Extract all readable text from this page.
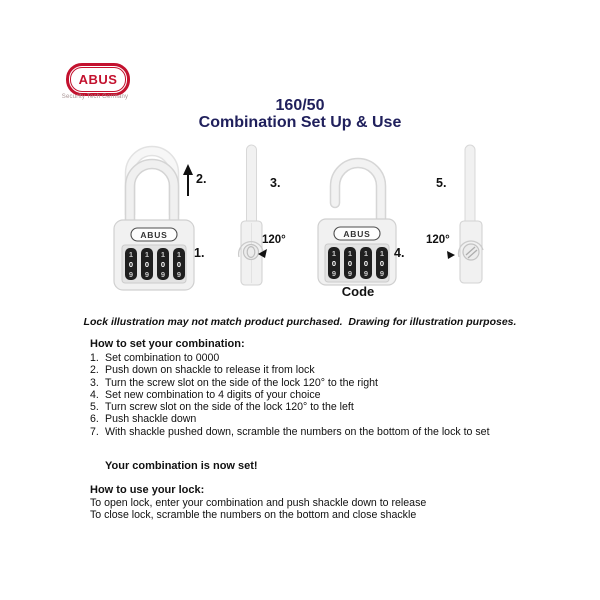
ABUS
Security Tech Germany	160/50
Combination Set Up & Use
ABUS
1
0
9
1
0
9
1
0
9
1
0
9
2.
1.
3.
120°	ABUS
1
0
9
1
0
9
1
0
9
1
0
9
4.
Code
5.
120°
Lock illustration may not match product purchased.  Drawing for illustration purposes.
How to set your combination:
1. Set combination to 0000
2. Push down on shackle to release it from lock
3. Turn the screw slot on the side of the lock 120° to the right
4. Set new combination to 4 digits of your choice
5. Turn screw slot on the side of the lock 120° to the left
6. Push shackle down
7. With shackle pushed down, scramble the numbers on the bottom of the lock to set
Your combination is now set!
How to use your lock:
To open lock, enter your combination and push shackle down to release
To close lock, scramble the numbers on the bottom and close shackle
